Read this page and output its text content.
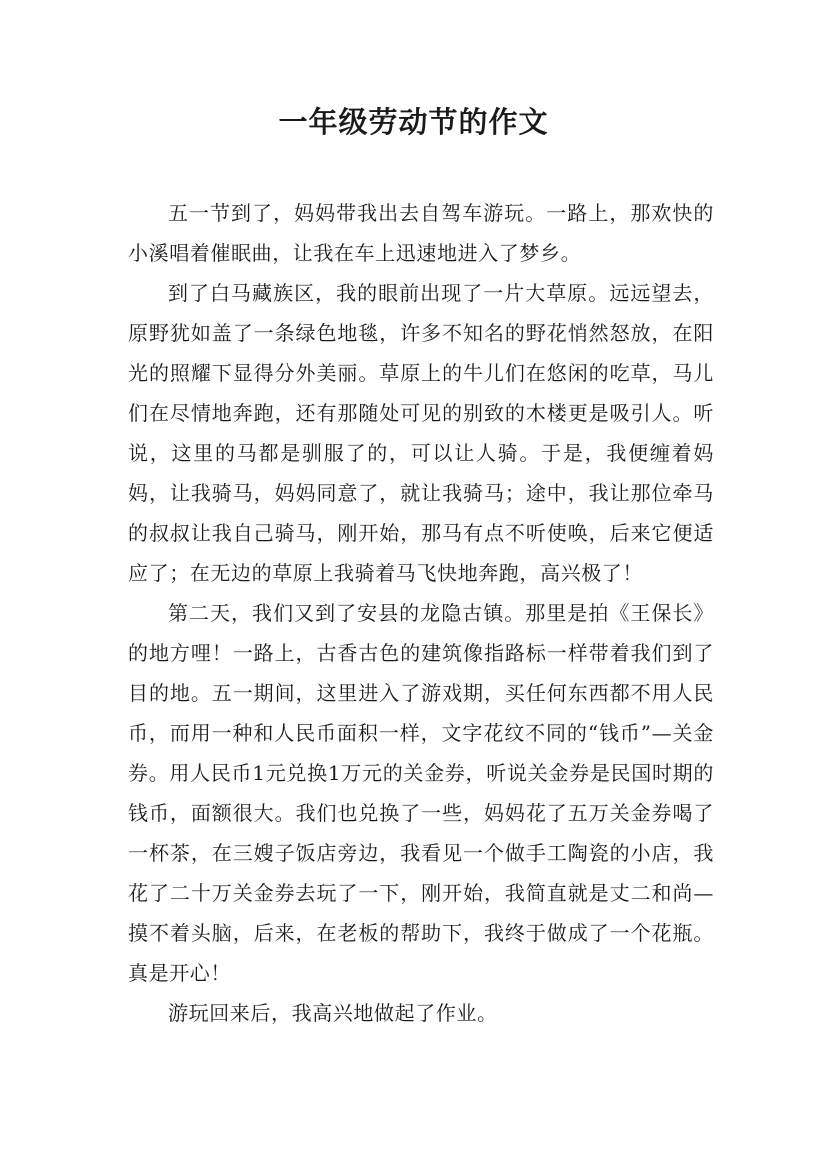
一年级劳动节的作文

五一节到了，妈妈带我出去自驾车游玩。一路上，那欢快的小溪唱着催眠曲，让我在车上迅速地进入了梦乡。

到了白马藏族区，我的眼前出现了一片大草原。远远望去，原野犹如盖了一条绿色地毯，许多不知名的野花悄然怒放，在阳光的照耀下显得分外美丽。草原上的牛儿们在悠闲的吃草，马儿们在尽情地奔跑，还有那随处可见的别致的木楼更是吸引人。听说，这里的马都是驯服了的，可以让人骑。于是，我便缠着妈妈，让我骑马，妈妈同意了，就让我骑马；途中，我让那位牵马的叔叔让我自己骑马，刚开始，那马有点不听使唤，后来它便适应了；在无边的草原上我骑着马飞快地奔跑，高兴极了！

第二天，我们又到了安县的龙隐古镇。那里是拍《王保长》的地方哩！一路上，古香古色的建筑像指路标一样带着我们到了目的地。五一期间，这里进入了游戏期，买任何东西都不用人民币，而用一种和人民币面积一样，文字花纹不同的“钱币”—关金券。用人民币1元兑换1万元的关金券，听说关金券是民国时期的钱币，面额很大。我们也兑换了一些，妈妈花了五万关金券喝了一杯茶，在三嫂子饭店旁边，我看见一个做手工陶瓷的小店，我花了二十万关金券去玩了一下，刚开始，我简直就是丈二和尚—摸不着头脑，后来，在老板的帮助下，我终于做成了一个花瓶。真是开心！

游玩回来后，我高兴地做起了作业。
